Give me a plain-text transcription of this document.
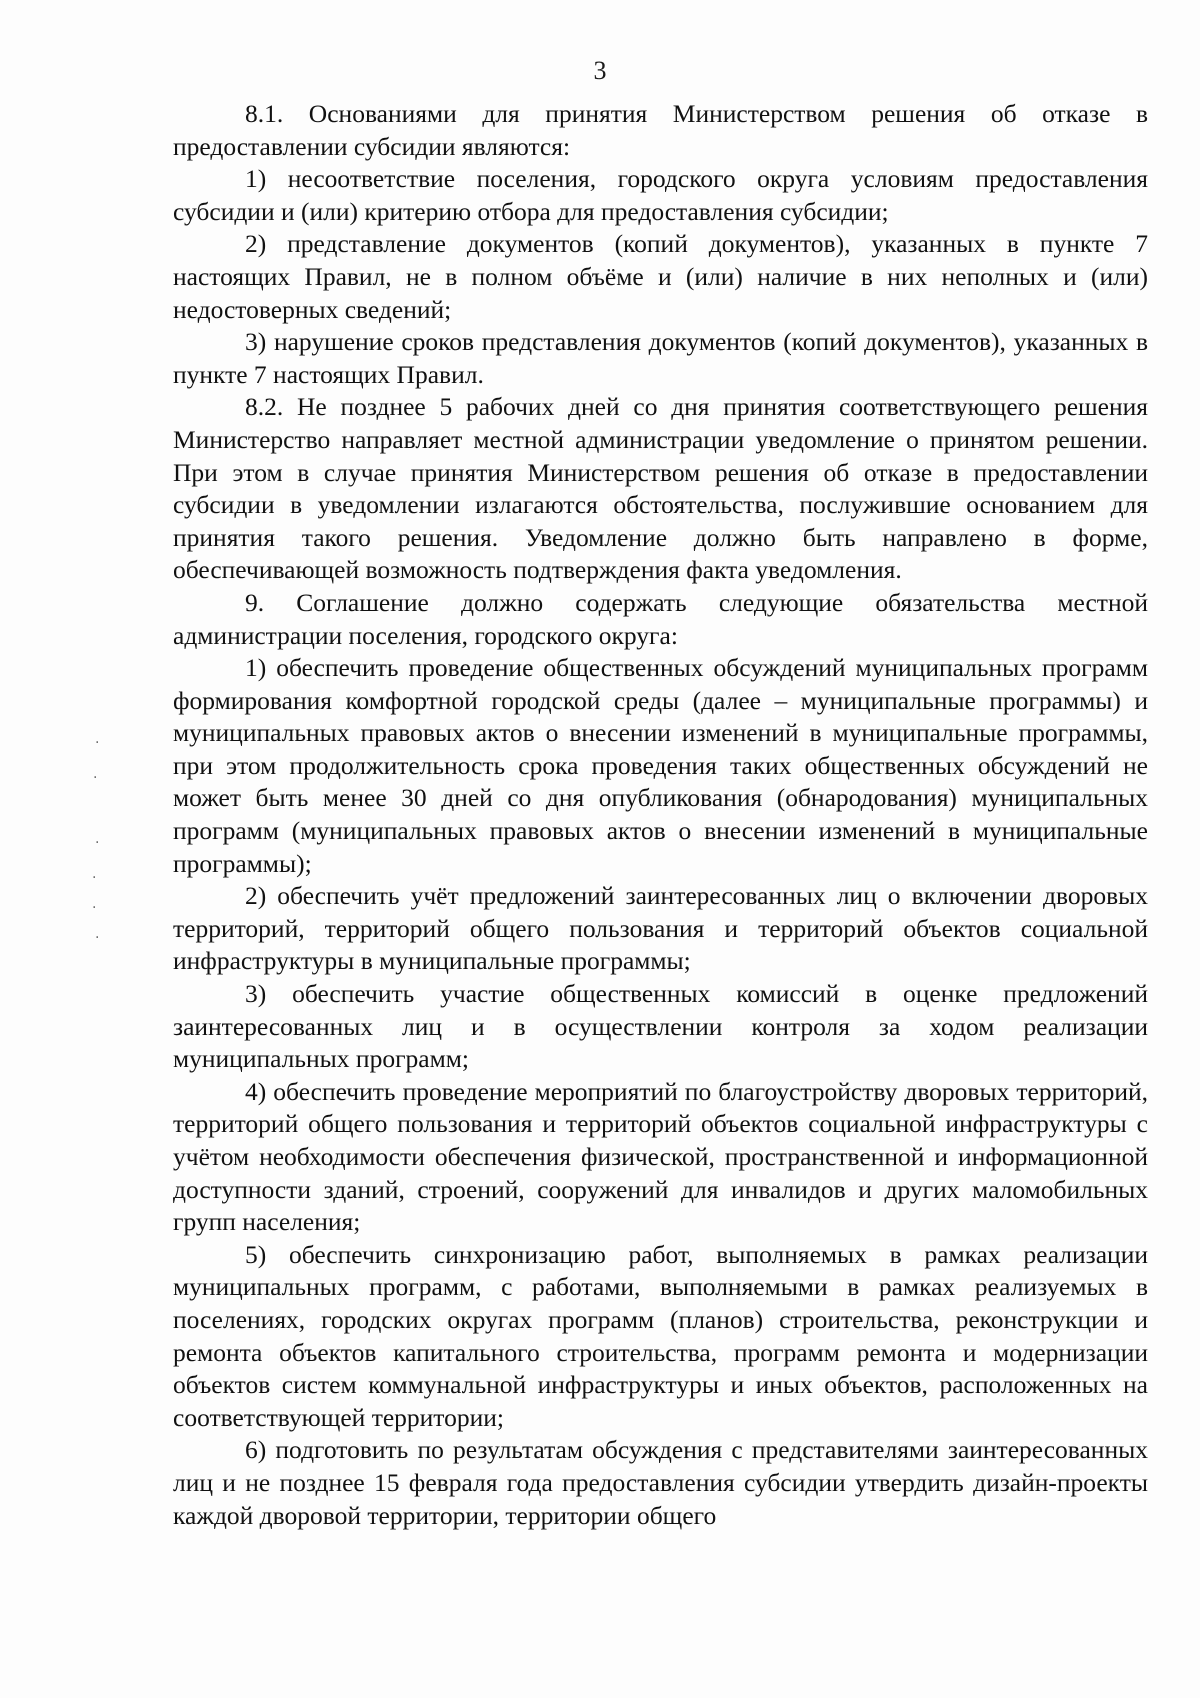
3

8.1. Основаниями для принятия Министерством решения об отказе в предоставлении субсидии являются:

1) несоответствие поселения, городского округа условиям предоставления субсидии и (или) критерию отбора для предоставления субсидии;

2) представление документов (копий документов), указанных в пункте 7 настоящих Правил, не в полном объёме и (или) наличие в них неполных и (или) недостоверных сведений;

3) нарушение сроков представления документов (копий документов), указанных в пункте 7 настоящих Правил.

8.2. Не позднее 5 рабочих дней со дня принятия соответствующего решения Министерство направляет местной администрации уведомление о принятом решении. При этом в случае принятия Министерством решения об отказе в предоставлении субсидии в уведомлении излагаются обстоятельства, послужившие основанием для принятия такого решения. Уведомление должно быть направлено в форме, обеспечивающей возможность подтверждения факта уведомления.

9. Соглашение должно содержать следующие обязательства местной администрации поселения, городского округа:

1) обеспечить проведение общественных обсуждений муниципальных программ формирования комфортной городской среды (далее – муниципальные программы) и муниципальных правовых актов о внесении изменений в муниципальные программы, при этом продолжительность срока проведения таких общественных обсуждений не может быть менее 30 дней со дня опубликования (обнародования) муниципальных программ (муниципальных правовых актов о внесении изменений в муниципальные программы);

2) обеспечить учёт предложений заинтересованных лиц о включении дворовых территорий, территорий общего пользования и территорий объектов социальной инфраструктуры в муниципальные программы;

3) обеспечить участие общественных комиссий в оценке предложений заинтересованных лиц и в осуществлении контроля за ходом реализации муниципальных программ;

4) обеспечить проведение мероприятий по благоустройству дворовых территорий, территорий общего пользования и территорий объектов социальной инфраструктуры с учётом необходимости обеспечения физической, пространственной и информационной доступности зданий, строений, сооружений для инвалидов и других маломобильных групп населения;

5) обеспечить синхронизацию работ, выполняемых в рамках реализации муниципальных программ, с работами, выполняемыми в рамках реализуемых в поселениях, городских округах программ (планов) строительства, реконструкции и ремонта объектов капитального строительства, программ ремонта и модернизации объектов систем коммунальной инфраструктуры и иных объектов, расположенных на соответствующей территории;

6) подготовить по результатам обсуждения с представителями заинтересованных лиц и не позднее 15 февраля года предоставления субсидии утвердить дизайн-проекты каждой дворовой территории, территории общего

·
·
·
·
·
·
